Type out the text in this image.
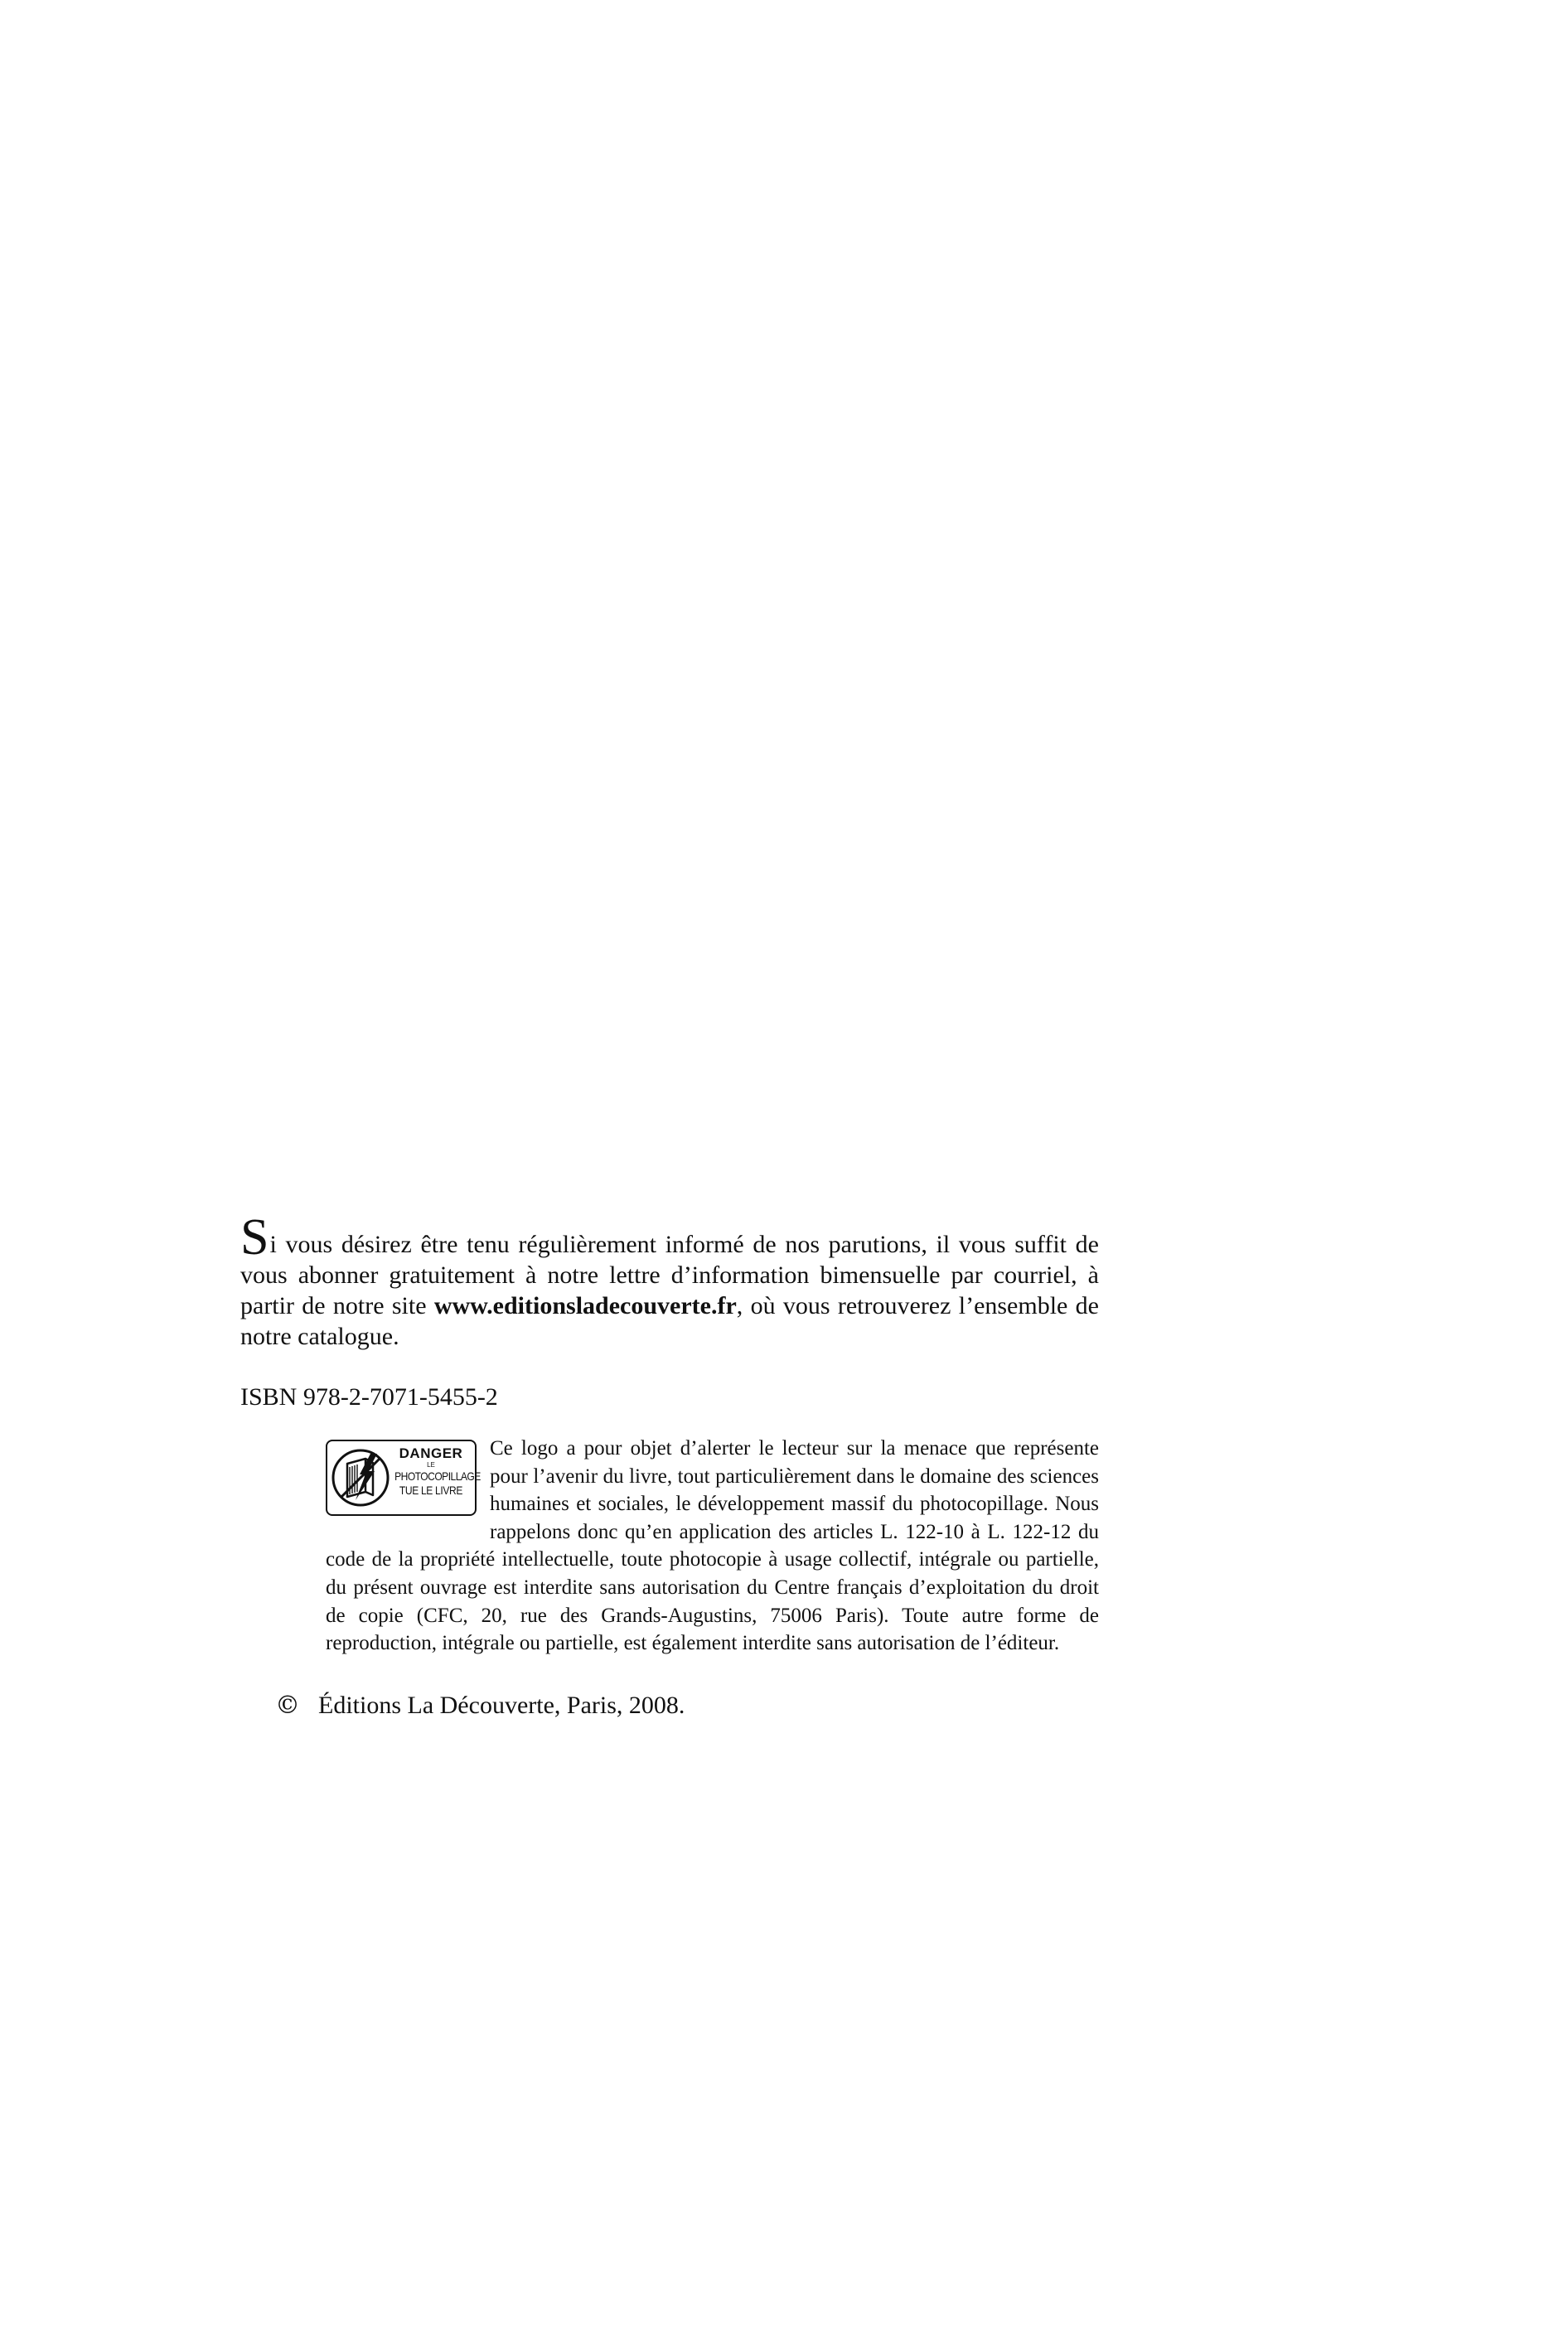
Si vous désirez être tenu régulièrement informé de nos parutions, il vous suffit de vous abonner gratuitement à notre lettre d’information bimensuelle par courriel, à partir de notre site www.editionsladecouverte.fr, où vous retrouverez l’ensemble de notre catalogue.

ISBN 978-2-7071-5455-2

DANGER
LE
PHOTOCOPILLAGE
TUE LE LIVRE

Ce logo a pour objet d’alerter le lecteur sur la menace que représente pour l’avenir du livre, tout particulièrement dans le domaine des sciences humaines et sociales, le développement massif du photocopillage. Nous rappelons donc qu’en application des articles L. 122-10 à L. 122-12 du code de la propriété intellectuelle, toute photocopie à usage collectif, intégrale ou partielle, du présent ouvrage est interdite sans autorisation du Centre français d’exploitation du droit de copie (CFC, 20, rue des Grands-Augustins, 75006 Paris). Toute autre forme de reproduction, intégrale ou partielle, est également interdite sans autorisation de l’éditeur.

© Éditions La Découverte, Paris, 2008.
